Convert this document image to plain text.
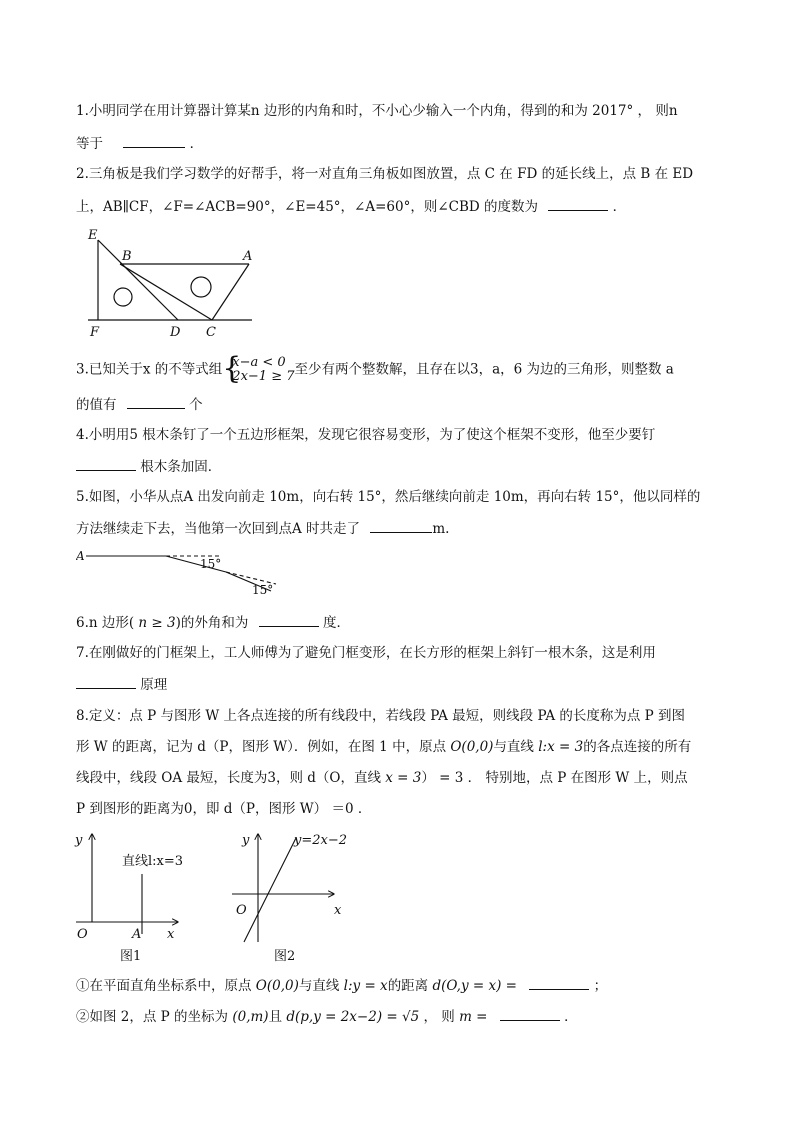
1.小明同学在用计算器计算某n 边形的内角和时，不小心少输入一个内角，得到的和为 2017° ， 则n
等于	．
2.三角板是我们学习数学的好帮手，将一对直角三角板如图放置，点 C 在 FD 的延长线上，点 B 在 ED
上，AB∥CF，∠F=∠ACB=90°，∠E=45°，∠A=60°，则∠CBD 的度数为	．
E
B	A
F	D C
3.已知关于x 的不等式组 {
x−a < 0
2x−1 ≥ 7至少有两个整数解，且存在以3，a，6 为边的三角形，则整数 a
的值有	个
4.小明用5 根木条钉了一个五边形框架，发现它很容易变形，为了使这个框架不变形，他至少要钉
根木条加固．
5.如图，小华从点A 出发向前走 10m，向右转 15°，然后继续向前走 10m，再向右转 15°，他以同样的
方法继续走下去，当他第一次回到点A 时共走了	m.
A
15°
15°
6.n 边形( n ≥ 3)的外角和为	度．
7.在刚做好的门框架上，工人师傅为了避免门框变形，在长方形的框架上斜钉一根木条，这是利用
原理
8.定义：点 P 与图形 W 上各点连接的所有线段中，若线段 PA 最短，则线段 PA 的长度称为点 P 到图
形 W 的距离，记为 d（P，图形 W）．例如，在图 1 中，原点 O(0,0)与直线 l:x = 3的各点连接的所有
线段中，线段 OA 最短，长度为3，则 d（O，直线 x = 3） = 3 ． 特别地，点 P 在图形 W 上，则点
P 到图形的距离为0，即 d（P，图形 W） ＝0 ．
y
直线l:x=3
O	A x
图1
y	y=2x−2
O	x
图2
①在平面直角坐标系中，原点 O(0,0)与直线 l:y = x的距离 d(O,y = x) =	；
②如图 2，点 P 的坐标为 (0,m)且 d(p,y = 2x−2) = √5 ， 则 m =	．
